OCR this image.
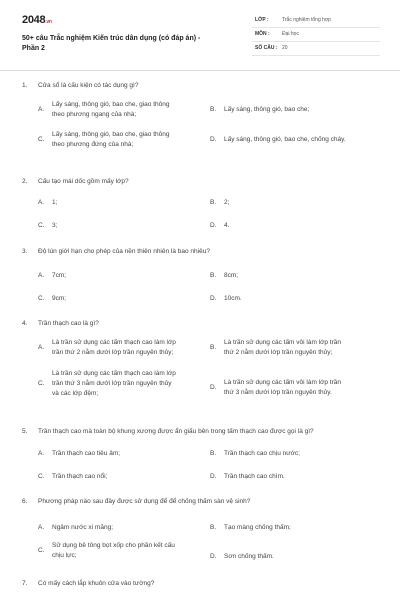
2048.vn
50+ câu Trắc nghiệm Kiến trúc dân dụng (có đáp án) -
Phần 2
LỚP :	Trắc nghiệm tổng hợp
MÔN : Đại học
SỐ CÂU : 20
1. Cửa sổ là cấu kiện có tác dụng gì?
A.
Lấy sáng, thông gió, bao che, giao thông
theo phương ngang của nhà;
B. Lấy sáng, thông gió, bao che;
C.
Lấy sáng, thông gió, bao che, giao thông
theo phương đứng của nhà;
D. Lấy sáng, thông gió, bao che, chống cháy.
2. Cấu tạo mái dốc gồm mấy lớp?
A. 1;	B. 2;
C. 3;	D. 4.
3. Độ lún giới hạn cho phép của nền thiên nhiên là bao nhiêu?
A. 7cm;	B. 8cm;
C. 9cm;	D. 10cm.
4. Trần thạch cao là gì?
A.
Là trần sử dụng các tấm thạch cao làm lớp
trần thứ 2 nằm dưới lớp trần nguyên thủy;
B.
Là trần sử dụng các tấm vôi làm lớp trần
thứ 2 nằm dưới lớp trần nguyên thủy;
C.
Là trần sử dụng các tấm thạch cao làm lớp
trần thứ 3 nằm dưới lớp trần nguyên thủy
và các lớp đệm;
D.
Là trần sử dụng các tấm vôi làm lớp trần
thứ 3 nằm dưới lớp trần nguyên thủy.
5. Trần thạch cao mà toàn bộ khung xương được ẩn giấu bên trong tấm thạch cao được gọi là gì?
A. Trần thạch cao tiêu âm;	B. Trần thạch cao chịu nước;
C. Trần thạch cao nổi;	D. Trần thạch cao chìm.
6. Phương pháp nào sau đây được sử dụng để để chống thấm sàn vệ sinh?
A. Ngâm nước xi măng;	B. Tạo màng chống thấm;
C.
Sử dụng bê tông bọt xốp cho phần kết cấu
chịu lực;	D. Sơn chống thấm.
7. Có mấy cách lắp khuôn cửa vào tường?
